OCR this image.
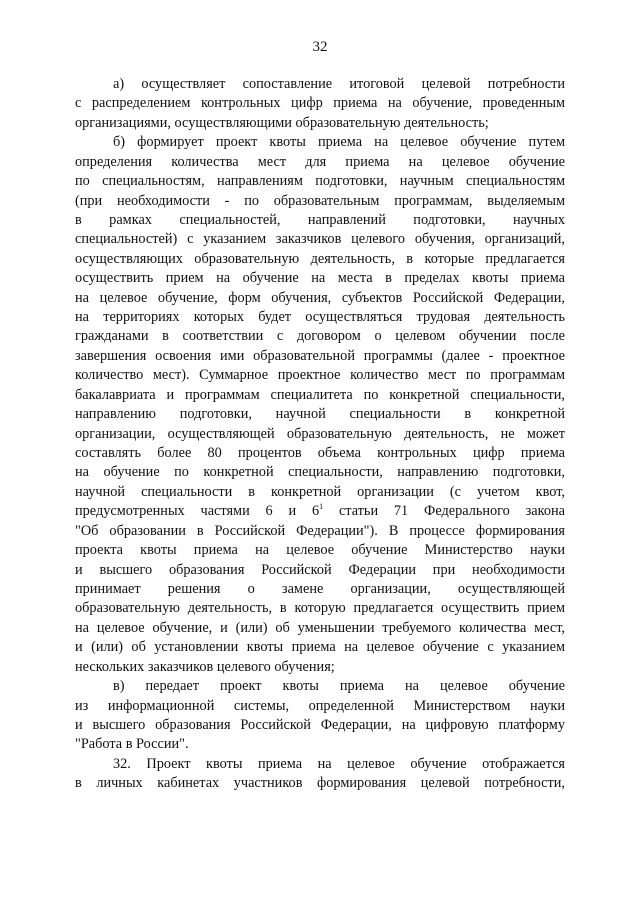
32
а) осуществляет сопоставление итоговой целевой потребности
с распределением контрольных цифр приема на обучение, проведенным
организациями, осуществляющими образовательную деятельность;
б) формирует проект квоты приема на целевое обучение путем
определения количества мест для приема на целевое обучение
по специальностям, направлениям подготовки, научным специальностям
(при необходимости - по образовательным программам, выделяемым
в рамках специальностей, направлений подготовки, научных
специальностей) с указанием заказчиков целевого обучения, организаций,
осуществляющих образовательную деятельность, в которые предлагается
осуществить прием на обучение на места в пределах квоты приема
на целевое обучение, форм обучения, субъектов Российской Федерации,
на территориях которых будет осуществляться трудовая деятельность
гражданами в соответствии с договором о целевом обучении после
завершения освоения ими образовательной программы (далее - проектное
количество мест). Суммарное проектное количество мест по программам
бакалавриата и программам специалитета по конкретной специальности,
направлению подготовки, научной специальности в конкретной
организации, осуществляющей образовательную деятельность, не может
составлять более 80 процентов объема контрольных цифр приема
на обучение по конкретной специальности, направлению подготовки,
научной специальности в конкретной организации (с учетом квот,
предусмотренных частями 6 и $6^1$ статьи 71 Федерального закона
"Об образовании в Российской Федерации"). В процессе формирования
проекта квоты приема на целевое обучение Министерство науки
и высшего образования Российской Федерации при необходимости
принимает решения о замене организации, осуществляющей
образовательную деятельность, в которую предлагается осуществить прием
на целевое обучение, и (или) об уменьшении требуемого количества мест,
и (или) об установлении квоты приема на целевое обучение с указанием
нескольких заказчиков целевого обучения;
в) передает проект квоты приема на целевое обучение
из информационной системы, определенной Министерством науки
и высшего образования Российской Федерации, на цифровую платформу
"Работа в России".
32. Проект квоты приема на целевое обучение отображается
в личных кабинетах участников формирования целевой потребности,
